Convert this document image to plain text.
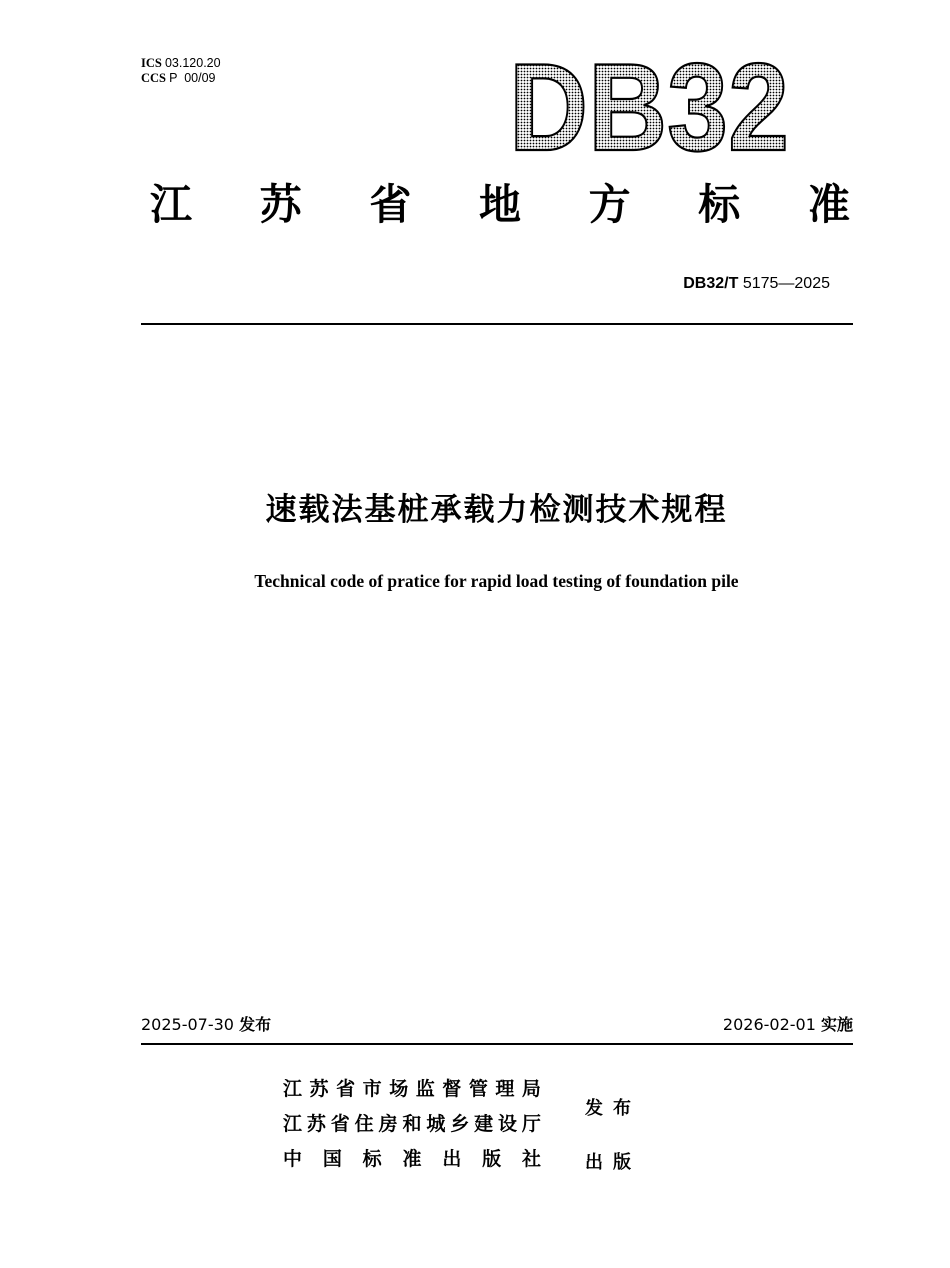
ICS 03.120.20
CCS P  00/09 DB32
江 苏 省 地 方 标 准
DB32/T 5175—2025
速载法基桩承载力检测技术规程
Technical code of pratice for rapid load testing of foundation pile
2025-07-30 发布	2026-02-01 实施
江 苏 省 市 场 监 督 管 理 局
江 苏 省 住 房 和 城 乡 建 设 厅
中 国 标 准 出 版 社
发布
出版
